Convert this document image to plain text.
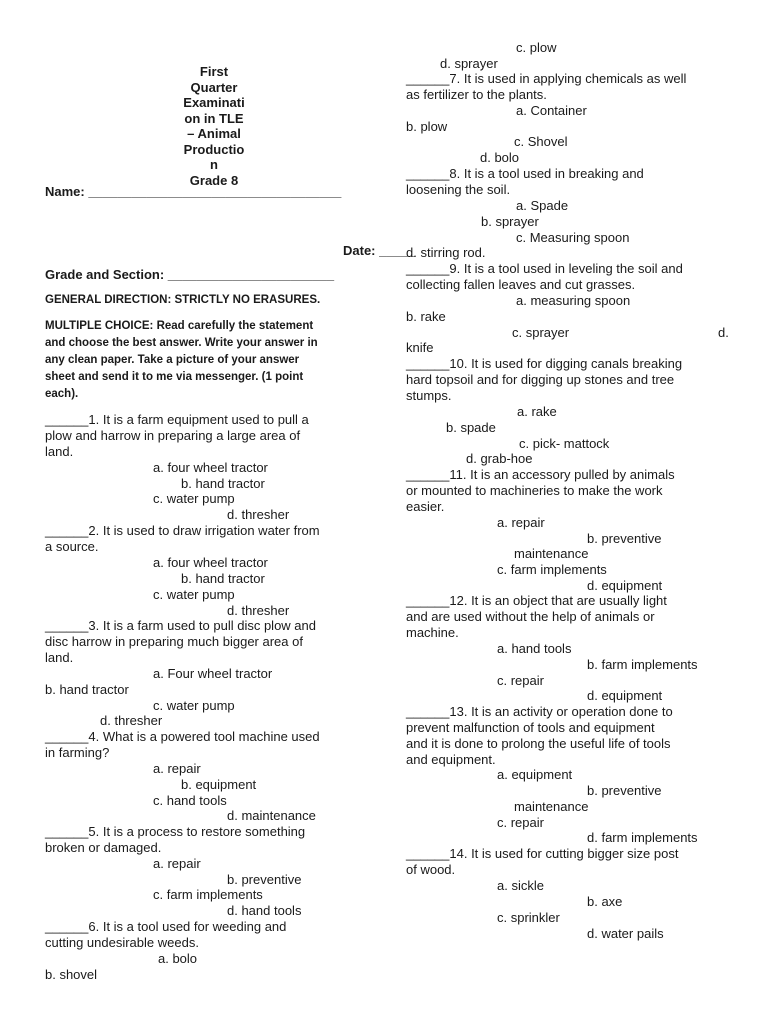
First
Quarter
Examinati
on in TLE
– Animal
Productio
n
Grade 8
Name: ___________________________________
Date: _____
Grade and Section: _______________________
GENERAL DIRECTION: STRICTLY NO ERASURES.
MULTIPLE CHOICE: Read carefully the statement
and choose the best answer. Write your answer in
any clean paper. Take a picture of your answer
sheet and send it to me via messenger. (1 point
each).
______1. It is a farm equipment used to pull a
plow and harrow in preparing a large area of
land.
a. four wheel tractor
b. hand tractor
c. water pump
d. thresher
______2. It is used to draw irrigation water from
a source.
a. four wheel tractor
b. hand tractor
c. water pump
d. thresher
______3. It is a farm used to pull disc plow and
disc harrow in preparing much bigger area of
land.
a. Four wheel tractor
b. hand tractor
c. water pump
d. thresher
______4. What is a powered tool machine used
in farming?
a. repair
b. equipment
c. hand tools
d. maintenance
______5. It is a process to restore something
broken or damaged.
a. repair
b. preventive
c. farm implements
d. hand tools
______6. It is a tool used for weeding and
cutting undesirable weeds.
a. bolo
b. shovel
c. plow
d. sprayer
______7. It is used in applying chemicals as well
as fertilizer to the plants.
a. Container
b. plow
c. Shovel
d. bolo
______8. It is a tool used in breaking and
loosening the soil.
a. Spade
b. sprayer
c. Measuring spoon
d. stirring rod.
______9. It is a tool used in leveling the soil and
collecting fallen leaves and cut grasses.
a. measuring spoon
b. rake
c. sprayer	d.
knife
______10. It is used for digging canals breaking
hard topsoil and for digging up stones and tree
stumps.
a. rake
b. spade
c. pick- mattock
d. grab-hoe
______11. It is an accessory pulled by animals
or mounted to machineries to make the work
easier.
a. repair
b. preventive
maintenance
c. farm implements
d. equipment
______12. It is an object that are usually light
and are used without the help of animals or
machine.
a. hand tools
b. farm implements
c. repair
d. equipment
______13. It is an activity or operation done to
prevent malfunction of tools and equipment
and it is done to prolong the useful life of tools
and equipment.
a. equipment
b. preventive
maintenance
c. repair
d. farm implements
______14. It is used for cutting bigger size post
of wood.
a. sickle
b. axe
c. sprinkler
d. water pails
